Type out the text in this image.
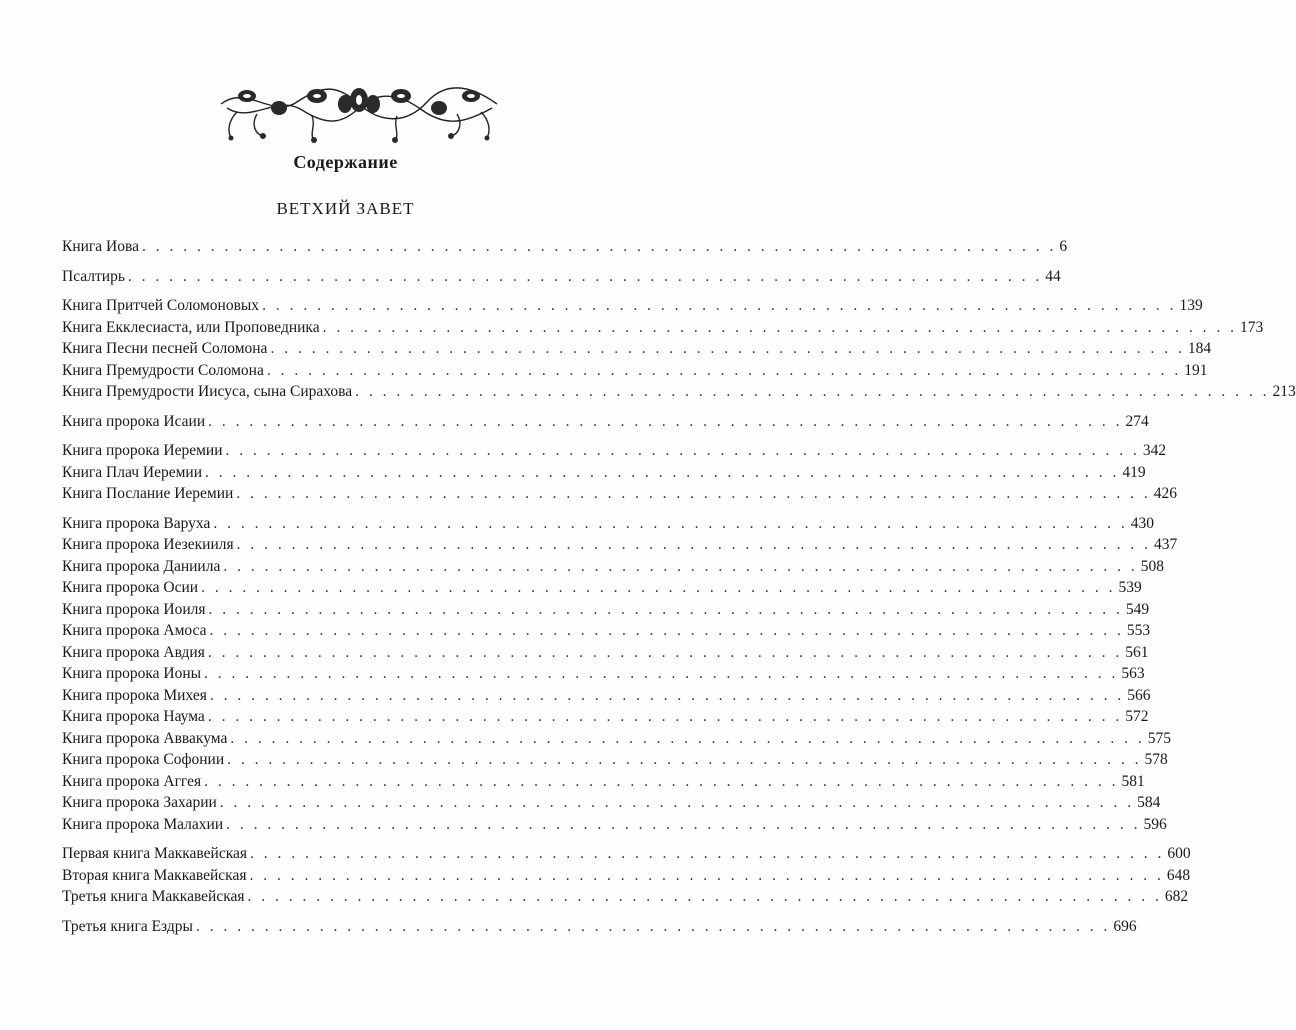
Содержание
ВЕТХИЙ ЗАВЕТ
Книга Иова . . . . . . . . . . . . . . . . . . . . . . . . . . . . . . . . . . . . . . . . . . . . . . . . . . . . . . . . . . . . . . . . . . . 6
Псалтирь . . . . . . . . . . . . . . . . . . . . . . . . . . . . . . . . . . . . . . . . . . . . . . . . . . . . . . . . . . . . . . . . . . . 44
Книга Притчей Соломоновых . . . . . . . . . . . . . . . . . . . . . . . . . . . . . . . . . . . . . . . . . . . . . . . . . . . . . . . . . . . . . . . . . . . 139
Книга Екклесиаста, или Проповедника . . . . . . . . . . . . . . . . . . . . . . . . . . . . . . . . . . . . . . . . . . . . . . . . . . . . . . . . . . . . . . . . . . . 173
Книга Песни песней Соломона . . . . . . . . . . . . . . . . . . . . . . . . . . . . . . . . . . . . . . . . . . . . . . . . . . . . . . . . . . . . . . . . . . . 184
Книга Премудрости Соломона . . . . . . . . . . . . . . . . . . . . . . . . . . . . . . . . . . . . . . . . . . . . . . . . . . . . . . . . . . . . . . . . . . . 191
Книга Премудрости Иисуса, сына Сирахова . . . . . . . . . . . . . . . . . . . . . . . . . . . . . . . . . . . . . . . . . . . . . . . . . . . . . . . . . . . . . . . . . . . 213
Книга пророка Исаии . . . . . . . . . . . . . . . . . . . . . . . . . . . . . . . . . . . . . . . . . . . . . . . . . . . . . . . . . . . . . . . . . . . 274
Книга пророка Иеремии . . . . . . . . . . . . . . . . . . . . . . . . . . . . . . . . . . . . . . . . . . . . . . . . . . . . . . . . . . . . . . . . . . . 342
Книга Плач Иеремии . . . . . . . . . . . . . . . . . . . . . . . . . . . . . . . . . . . . . . . . . . . . . . . . . . . . . . . . . . . . . . . . . . . 419
Книга Послание Иеремии . . . . . . . . . . . . . . . . . . . . . . . . . . . . . . . . . . . . . . . . . . . . . . . . . . . . . . . . . . . . . . . . . . . 426
Книга пророка Варуха . . . . . . . . . . . . . . . . . . . . . . . . . . . . . . . . . . . . . . . . . . . . . . . . . . . . . . . . . . . . . . . . . . . 430
Книга пророка Иезекииля . . . . . . . . . . . . . . . . . . . . . . . . . . . . . . . . . . . . . . . . . . . . . . . . . . . . . . . . . . . . . . . . . . . 437
Книга пророка Даниила . . . . . . . . . . . . . . . . . . . . . . . . . . . . . . . . . . . . . . . . . . . . . . . . . . . . . . . . . . . . . . . . . . . 508
Книга пророка Осии . . . . . . . . . . . . . . . . . . . . . . . . . . . . . . . . . . . . . . . . . . . . . . . . . . . . . . . . . . . . . . . . . . . 539
Книга пророка Иоиля . . . . . . . . . . . . . . . . . . . . . . . . . . . . . . . . . . . . . . . . . . . . . . . . . . . . . . . . . . . . . . . . . . . 549
Книга пророка Амоса . . . . . . . . . . . . . . . . . . . . . . . . . . . . . . . . . . . . . . . . . . . . . . . . . . . . . . . . . . . . . . . . . . . 553
Книга пророка Авдия . . . . . . . . . . . . . . . . . . . . . . . . . . . . . . . . . . . . . . . . . . . . . . . . . . . . . . . . . . . . . . . . . . . 561
Книга пророка Ионы . . . . . . . . . . . . . . . . . . . . . . . . . . . . . . . . . . . . . . . . . . . . . . . . . . . . . . . . . . . . . . . . . . . 563
Книга пророка Михея . . . . . . . . . . . . . . . . . . . . . . . . . . . . . . . . . . . . . . . . . . . . . . . . . . . . . . . . . . . . . . . . . . . 566
Книга пророка Наума . . . . . . . . . . . . . . . . . . . . . . . . . . . . . . . . . . . . . . . . . . . . . . . . . . . . . . . . . . . . . . . . . . . 572
Книга пророка Аввакума . . . . . . . . . . . . . . . . . . . . . . . . . . . . . . . . . . . . . . . . . . . . . . . . . . . . . . . . . . . . . . . . . . . 575
Книга пророка Софонии . . . . . . . . . . . . . . . . . . . . . . . . . . . . . . . . . . . . . . . . . . . . . . . . . . . . . . . . . . . . . . . . . . . 578
Книга пророка Аггея . . . . . . . . . . . . . . . . . . . . . . . . . . . . . . . . . . . . . . . . . . . . . . . . . . . . . . . . . . . . . . . . . . . 581
Книга пророка Захарии . . . . . . . . . . . . . . . . . . . . . . . . . . . . . . . . . . . . . . . . . . . . . . . . . . . . . . . . . . . . . . . . . . . 584
Книга пророка Малахии . . . . . . . . . . . . . . . . . . . . . . . . . . . . . . . . . . . . . . . . . . . . . . . . . . . . . . . . . . . . . . . . . . . 596
Первая книга Маккавейская . . . . . . . . . . . . . . . . . . . . . . . . . . . . . . . . . . . . . . . . . . . . . . . . . . . . . . . . . . . . . . . . . . . 600
Вторая книга Маккавейская . . . . . . . . . . . . . . . . . . . . . . . . . . . . . . . . . . . . . . . . . . . . . . . . . . . . . . . . . . . . . . . . . . . 648
Третья книга Маккавейская . . . . . . . . . . . . . . . . . . . . . . . . . . . . . . . . . . . . . . . . . . . . . . . . . . . . . . . . . . . . . . . . . . . 682
Третья книга Ездры . . . . . . . . . . . . . . . . . . . . . . . . . . . . . . . . . . . . . . . . . . . . . . . . . . . . . . . . . . . . . . . . . . . 696
